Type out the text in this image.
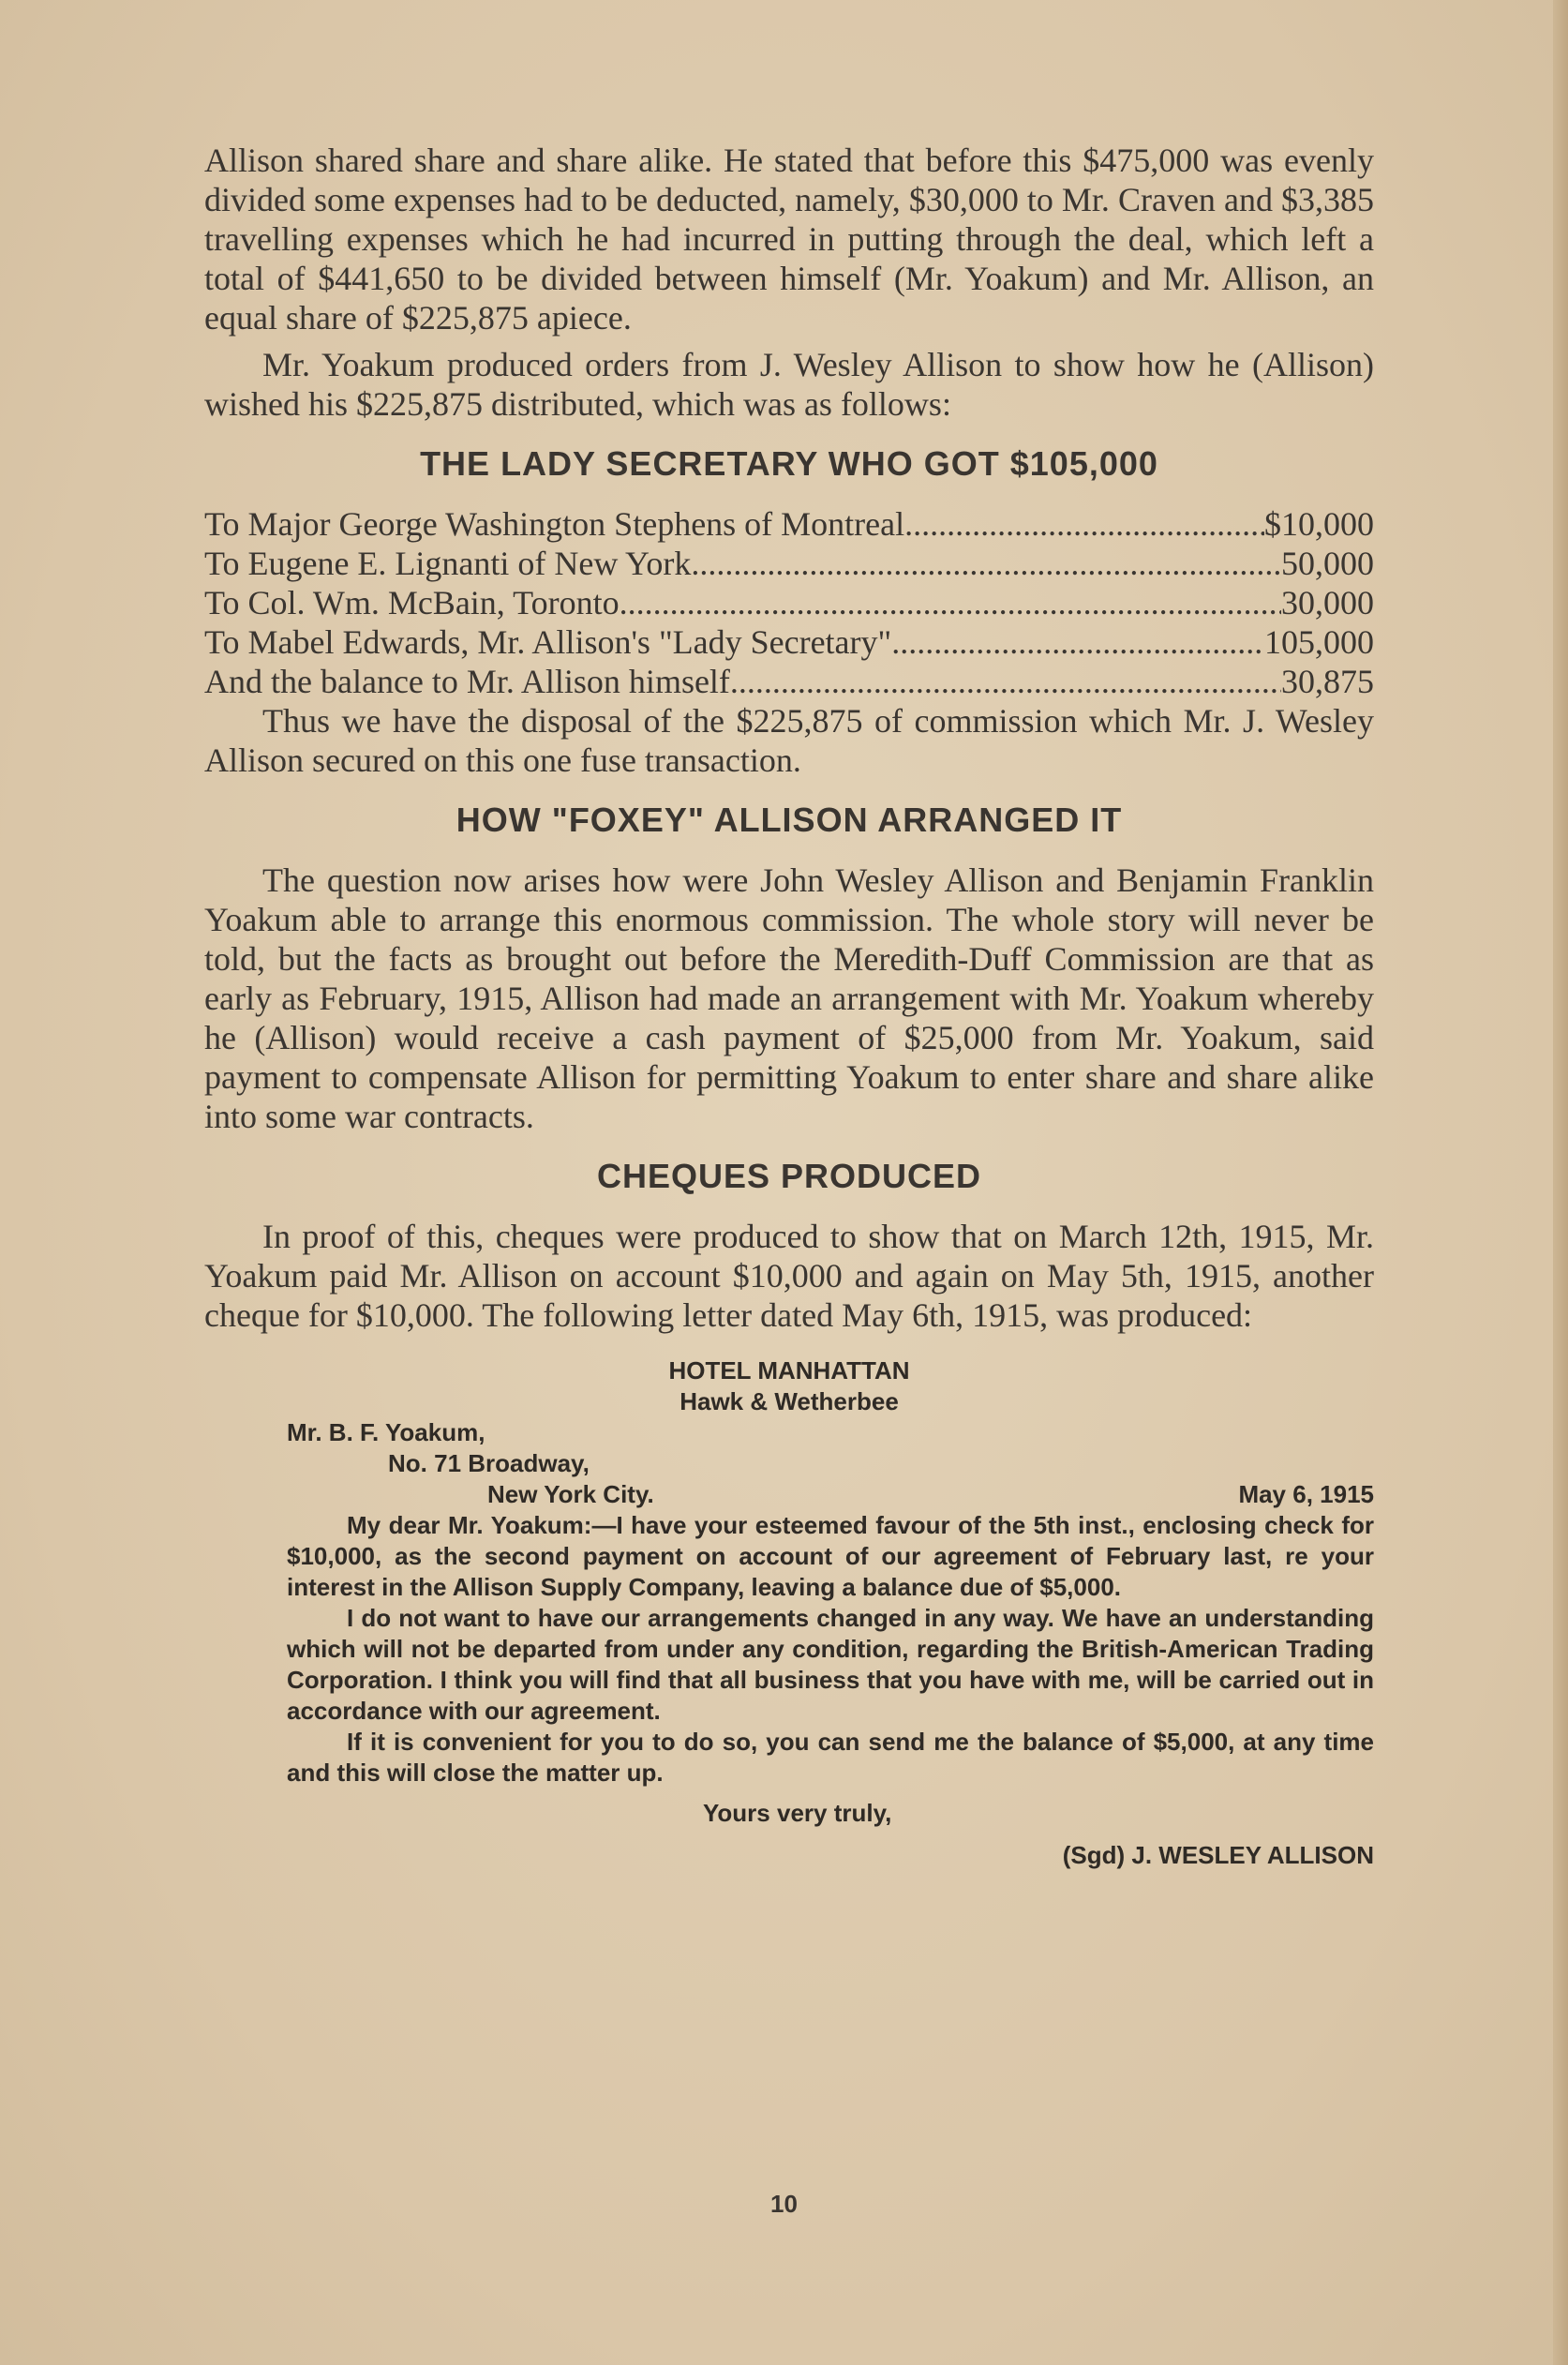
Allison shared share and share alike. He stated that before this $475,000 was evenly divided some expenses had to be deducted, namely, $30,000 to Mr. Craven and $3,385 travelling expenses which he had incurred in putting through the deal, which left a total of $441,650 to be divided between himself (Mr. Yoakum) and Mr. Allison, an equal share of $225,875 apiece.

Mr. Yoakum produced orders from J. Wesley Allison to show how he (Allison) wished his $225,875 distributed, which was as follows:

THE LADY SECRETARY WHO GOT $105,000
To Major George Washington Stephens of Montreal .....	$10,000
To Eugene E. Lignanti of New York .....	50,000
To Col. Wm. McBain, Toronto .....	30,000
To Mabel Edwards, Mr. Allison's "Lady Secretary" .....	105,000
And the balance to Mr. Allison himself .....	30,875

Thus we have the disposal of the $225,875 of commission which Mr. J. Wesley Allison secured on this one fuse transaction.

HOW "FOXEY" ALLISON ARRANGED IT

The question now arises how were John Wesley Allison and Benjamin Franklin Yoakum able to arrange this enormous commission. The whole story will never be told, but the facts as brought out before the Meredith-Duff Commission are that as early as February, 1915, Allison had made an arrangement with Mr. Yoakum whereby he (Allison) would receive a cash payment of $25,000 from Mr. Yoakum, said payment to compensate Allison for permitting Yoakum to enter share and share alike into some war contracts.

CHEQUES PRODUCED

In proof of this, cheques were produced to show that on March 12th, 1915, Mr. Yoakum paid Mr. Allison on account $10,000 and again on May 5th, 1915, another cheque for $10,000. The following letter dated May 6th, 1915, was produced:

HOTEL MANHATTAN
Hawk & Wetherbee
Mr. B. F. Yoakum,
No. 71 Broadway,
New York City.	May 6, 1915

My dear Mr. Yoakum:—I have your esteemed favour of the 5th inst., enclosing check for $10,000, as the second payment on account of our agreement of February last, re your interest in the Allison Supply Company, leaving a balance due of $5,000.

I do not want to have our arrangements changed in any way. We have an understanding which will not be departed from under any condition, regarding the British-American Trading Corporation. I think you will find that all business that you have with me, will be carried out in accordance with our agreement.

If it is convenient for you to do so, you can send me the balance of $5,000, at any time and this will close the matter up.

Yours very truly,
(Sgd) J. WESLEY ALLISON
10
